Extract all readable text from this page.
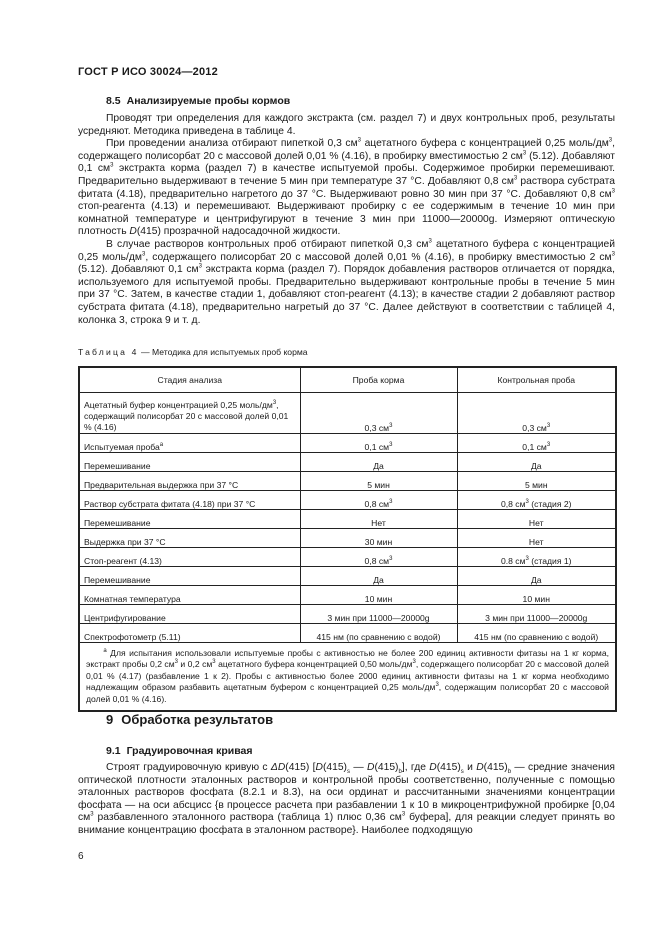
ГОСТ Р ИСО 30024—2012
8.5 Анализируемые пробы кормов

Проводят три определения для каждого экстракта (см. раздел 7) и двух контрольных проб, результаты усредняют. Методика приведена в таблице 4.

При проведении анализа отбирают пипеткой 0,3 $см^3$ ацетатного буфера с концентрацией 0,25 моль/$дм^3$, содержащего полисорбат 20 с массовой долей 0,01 % (4.16), в пробирку вместимостью 2 $см^3$ (5.12). Добавляют 0,1 $см^3$ экстракта корма (раздел 7) в качестве испытуемой пробы. Содержимое пробирки перемешивают. Предварительно выдерживают в течение 5 мин при температуре 37 °С. Добавляют 0,8 $см^3$ раствора субстрата фитата (4.18), предварительно нагретого до 37 °С. Выдерживают ровно 30 мин при 37 °С. Добавляют 0,8 $см^3$ стоп-реагента (4.13) и перемешивают. Выдерживают пробирку с ее содержимым в течение 10 мин при комнатной температуре и центрифугируют в течение 3 мин при 11000—20000g. Измеряют оптическую плотность D(415) прозрачной надосадочной жидкости.

В случае растворов контрольных проб отбирают пипеткой 0,3 $см^3$ ацетатного буфера с концентрацией 0,25 моль/$дм^3$, содержащего полисорбат 20 с массовой долей 0,01 % (4.16), в пробирку вместимостью 2 $см^3$ (5.12). Добавляют 0,1 $см^3$ экстракта корма (раздел 7). Порядок добавления растворов отличается от порядка, используемого для испытуемой пробы. Предварительно выдерживают контрольные пробы в течение 5 мин при 37 °С. Затем, в качестве стадии 1, добавляют стоп-реагент (4.13); в качестве стадии 2 добавляют раствор субстрата фитата (4.18), предварительно нагретый до 37 °С. Далее действуют в соответствии с таблицей 4, колонка 3, строка 9 и т. д.

Таблица 4 — Методика для испытуемых проб корма
Стадия анализа	Проба корма	Контрольная проба
Ацетатный буфер концентрацией 0,25 моль/$дм^3$, содержащий полисорбат 20 с массовой долей 0,01 % (4.16)	0,3 $см^3$	0,3 $см^3$
Испытуемая проба$^a$	0,1 $см^3$	0,1 $см^3$
Перемешивание	Да	Да
Предварительная выдержка при 37 °С	5 мин	5 мин
Раствор субстрата фитата (4.18) при 37 °С	0,8 $см^3$	0,8 $см^3$ (стадия 2)
Перемешивание	Нет	Нет
Выдержка при 37 °С	30 мин	Нет
Стоп-реагент (4.13)	0,8 $см^3$	0.8 $см^3$ (стадия 1)
Перемешивание	Да	Да
Комнатная температура	10 мин	10 мин
Центрифугирование	3 мин при 11000—20000g	3 мин при 11000—20000g
Спектрофотометр (5.11)	415 нм (по сравнению с водой)	415 нм (по сравнению с водой)
$^a$ Для испытания использовали испытуемые пробы с активностью не более 200 единиц активности фитазы на 1 кг корма, экстракт пробы 0,2 $см^3$ и 0,2 $см^3$ ацетатного буфера концентрацией 0,50 моль/$дм^3$, содержащего полисорбат 20 с массовой долей 0,01 % (4.17) (разбавление 1 к 2). Пробы с активностью более 2000 единиц активности фитазы на 1 кг корма необходимо надлежащим образом разбавить ацетатным буфером с концентрацией 0,25 моль/$дм^3$, содержащим полисорбат 20 с массовой долей 0,01 % (4.16).		
9 Обработка результатов
9.1 Градуировочная кривая

Строят градуировочную кривую с ΔD(415) [$D(415)_s$ — $D(415)_b$], где $D(415)_s$ и $D(415)_b$ — средние значения оптической плотности эталонных растворов и контрольной пробы соответственно, полученные с помощью эталонных растворов фосфата (8.2.1 и 8.3), на оси ординат и рассчитанными значениями концентрации фосфата — на оси абсцисс {в процессе расчета при разбавлении 1 к 10 в микроцентрифужной пробирке [0,04 $см^3$ разбавленного эталонного раствора (таблица 1) плюс 0,36 $см^3$ буфера], для реакции следует принять во внимание концентрацию фосфата в эталонном растворе}. Наиболее подходящую

6
